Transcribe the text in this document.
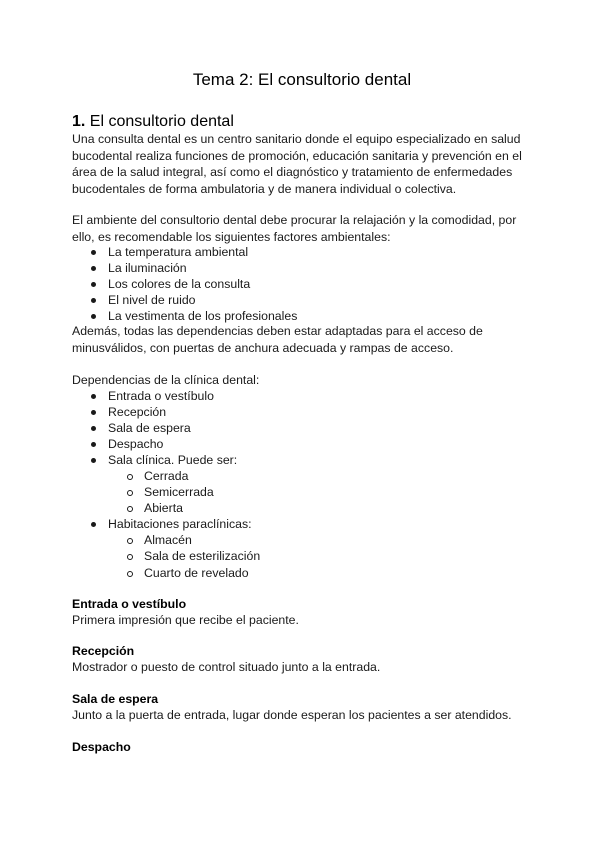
Tema 2: El consultorio dental
1. El consultorio dental
Una consulta dental es un centro sanitario donde el equipo especializado en salud
bucodental realiza funciones de promoción, educación sanitaria y prevención en el
área de la salud integral, así como el diagnóstico y tratamiento de enfermedades
bucodentales de forma ambulatoria y de manera individual o colectiva.
El ambiente del consultorio dental debe procurar la relajación y la comodidad, por
ello, es recomendable los siguientes factores ambientales:
La temperatura ambiental
La iluminación
Los colores de la consulta
El nivel de ruido
La vestimenta de los profesionales
Además, todas las dependencias deben estar adaptadas para el acceso de
minusválidos, con puertas de anchura adecuada y rampas de acceso.
Dependencias de la clínica dental:
Entrada o vestíbulo
Recepción
Sala de espera
Despacho
Sala clínica. Puede ser:
Cerrada
Semicerrada
Abierta
Habitaciones paraclínicas:
Almacén
Sala de esterilización
Cuarto de revelado
Entrada o vestíbulo
Primera impresión que recibe el paciente.
Recepción
Mostrador o puesto de control situado junto a la entrada.
Sala de espera
Junto a la puerta de entrada, lugar donde esperan los pacientes a ser atendidos.
Despacho
